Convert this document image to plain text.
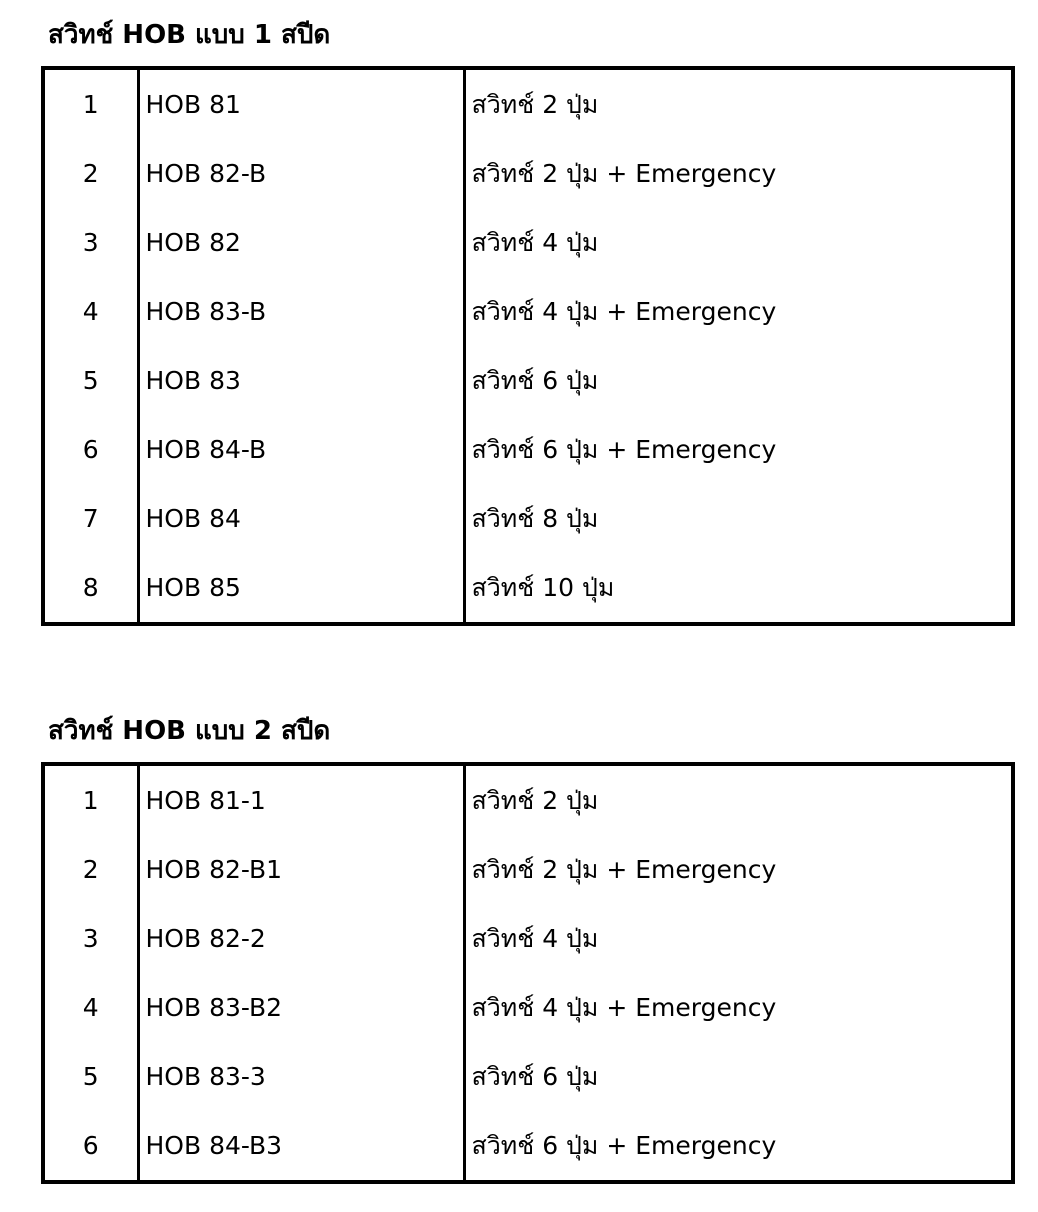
สวิทช์ HOB แบบ 1 สปีด
1	HOB 81	สวิทช์ 2 ปุ่ม
2	HOB 82-B	สวิทช์ 2 ปุ่ม + Emergency
3	HOB 82	สวิทช์ 4 ปุ่ม
4	HOB 83-B	สวิทช์ 4 ปุ่ม + Emergency
5	HOB 83	สวิทช์ 6 ปุ่ม
6	HOB 84-B	สวิทช์ 6 ปุ่ม + Emergency
7	HOB 84	สวิทช์ 8 ปุ่ม
8	HOB 85	สวิทช์ 10 ปุ่ม
สวิทช์ HOB แบบ 2 สปีด
1	HOB 81-1	สวิทช์ 2 ปุ่ม
2	HOB 82-B1	สวิทช์ 2 ปุ่ม + Emergency
3	HOB 82-2	สวิทช์ 4 ปุ่ม
4	HOB 83-B2	สวิทช์ 4 ปุ่ม + Emergency
5	HOB 83-3	สวิทช์ 6 ปุ่ม
6	HOB 84-B3	สวิทช์ 6 ปุ่ม + Emergency
